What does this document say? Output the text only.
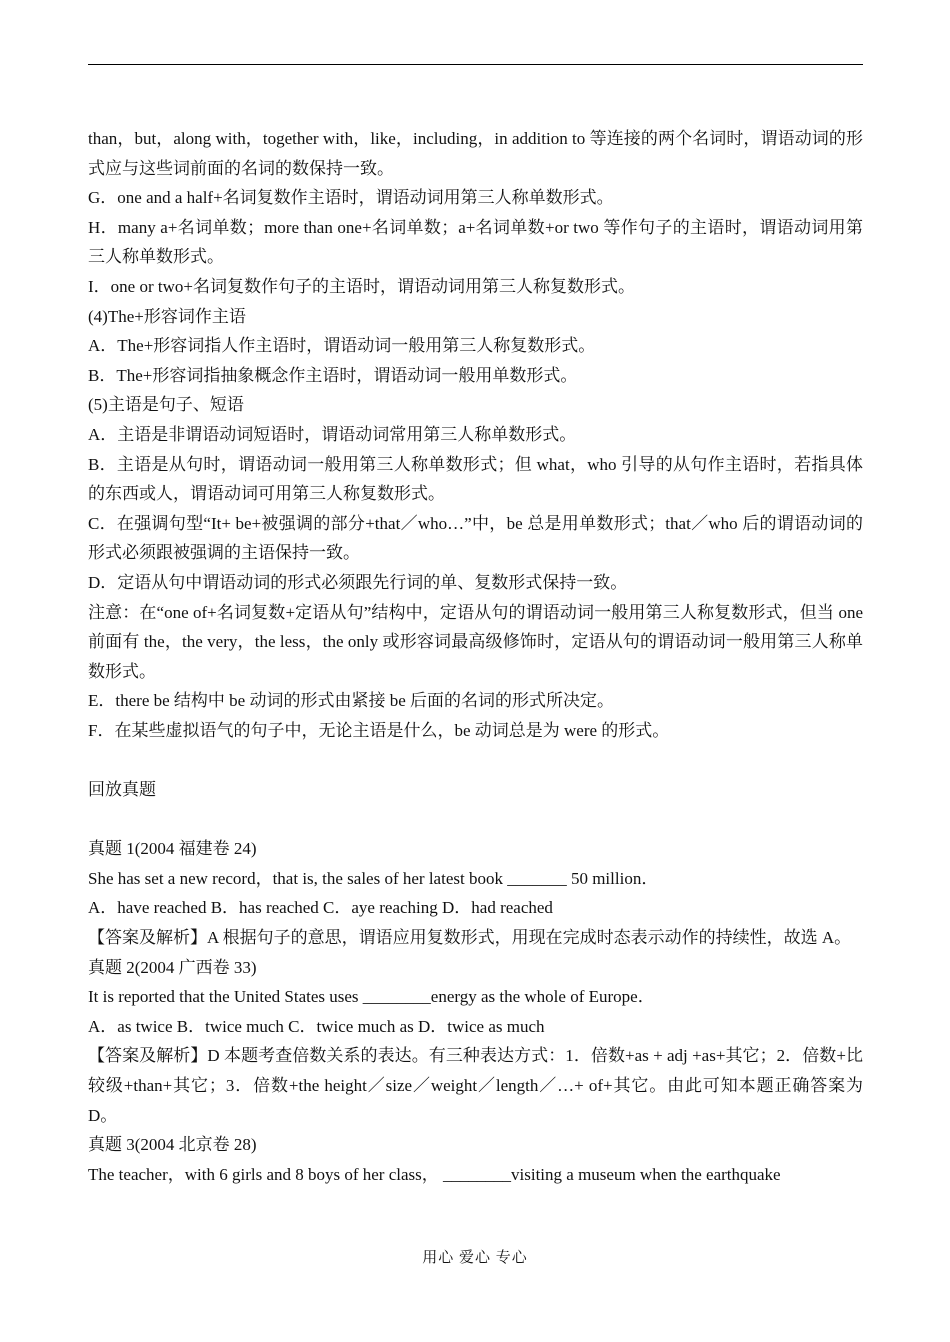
than，but，along with，together with，like，including，in addition to 等连接的两个名词时，谓语动词的形式应与这些词前面的名词的数保持一致。

G．one and a half+名词复数作主语时，谓语动词用第三人称单数形式。

H．many a+名词单数；more than one+名词单数；a+名词单数+or two 等作句子的主语时，谓语动词用第三人称单数形式。

I．one or two+名词复数作句子的主语时，谓语动词用第三人称复数形式。

(4)The+形容词作主语

A．The+形容词指人作主语时，谓语动词一般用第三人称复数形式。

B．The+形容词指抽象概念作主语时，谓语动词一般用单数形式。

(5)主语是句子、短语

A．主语是非谓语动词短语时，谓语动词常用第三人称单数形式。

B．主语是从句时，谓语动词一般用第三人称单数形式；但 what，who 引导的从句作主语时，若指具体的东西或人，谓语动词可用第三人称复数形式。

C．在强调句型“It+ be+被强调的部分+that／who…”中，be 总是用单数形式；that／who 后的谓语动词的形式必须跟被强调的主语保持一致。

D．定语从句中谓语动词的形式必须跟先行词的单、复数形式保持一致。

注意：在“one of+名词复数+定语从句”结构中，定语从句的谓语动词一般用第三人称复数形式，但当 one 前面有 the，the very，the less，the only 或形容词最高级修饰时，定语从句的谓语动词一般用第三人称单数形式。

E．there be 结构中 be 动词的形式由紧接 be 后面的名词的形式所决定。

F．在某些虚拟语气的句子中，无论主语是什么，be 动词总是为 were 的形式。

回放真题

真题 1(2004 福建卷 24)

She has set a new record，that is, the sales of her latest book _______ 50 million．

A．have reached B．has reached C．aye reaching D．had reached

【答案及解析】A 根据句子的意思，谓语应用复数形式，用现在完成时态表示动作的持续性，故选 A。

真题 2(2004 广西卷 33)

It is reported that the United States uses ________energy as the whole of Europe．

A．as twice B．twice much C．twice much as D．twice as much

【答案及解析】D 本题考查倍数关系的表达。有三种表达方式：1．倍数+as + adj +as+其它；2．倍数+比较级+than+其它；3．倍数+the height／size／weight／length／…+ of+其它。由此可知本题正确答案为 D。

真题 3(2004 北京卷 28)

The teacher，with 6 girls and 8 boys of her class， ________visiting a museum when the earthquake

用心 爱心 专心
